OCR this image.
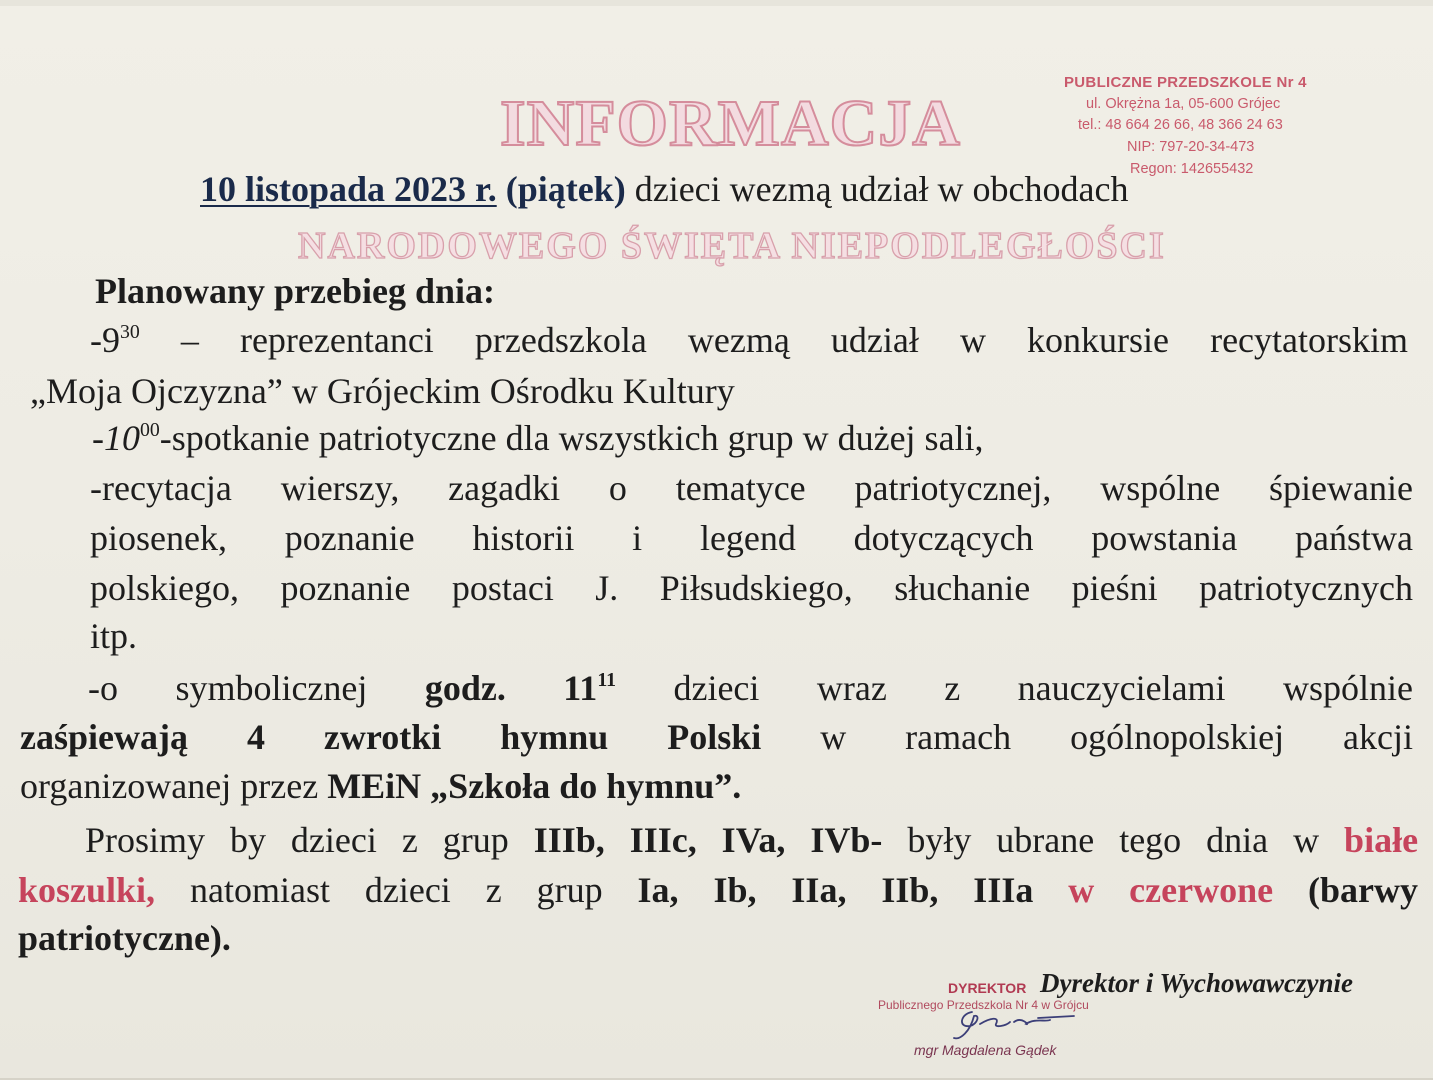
INFORMACJA
PUBLICZNE PRZEDSZKOLE Nr 4
ul. Okrężna 1a, 05-600 Grójec
tel.: 48 664 26 66, 48 366 24 63
NIP: 797-20-34-473
Regon: 142655432
10 listopada 2023 r. (piątek) dzieci wezmą udział w obchodach
NARODOWEGO ŚWIĘTA NIEPODLEGŁOŚCI
Planowany przebieg dnia:
$-9^{30}$ – reprezentanci przedszkola wezmą udział w konkursie recytatorskim
„Moja Ojczyzna” w Grójeckim Ośrodku Kultury
$-10^{00}$-spotkanie patriotyczne dla wszystkich grup w dużej sali,
-recytacja wierszy, zagadki o tematyce patriotycznej, wspólne śpiewanie
piosenek, poznanie historii i legend dotyczących powstania państwa
polskiego, poznanie postaci J. Piłsudskiego, słuchanie pieśni patriotycznych
itp.
-o symbolicznej godz. $11^{11}$ dzieci wraz z nauczycielami wspólnie
zaśpiewają 4 zwrotki hymnu Polski w ramach ogólnopolskiej akcji
organizowanej przez MEiN „Szkoła do hymnu”.
Prosimy by dzieci z grup IIIb, IIIc, IVa, IVb- były ubrane tego dnia w białe
koszulki, natomiast dzieci z grup Ia, Ib, IIa, IIb, IIIa w czerwone (barwy
patriotyczne).
Dyrektor i Wychowawczynie
DYREKTOR
Publicznego Przedszkola Nr 4 w Grójcu
mgr Magdalena Gądek
